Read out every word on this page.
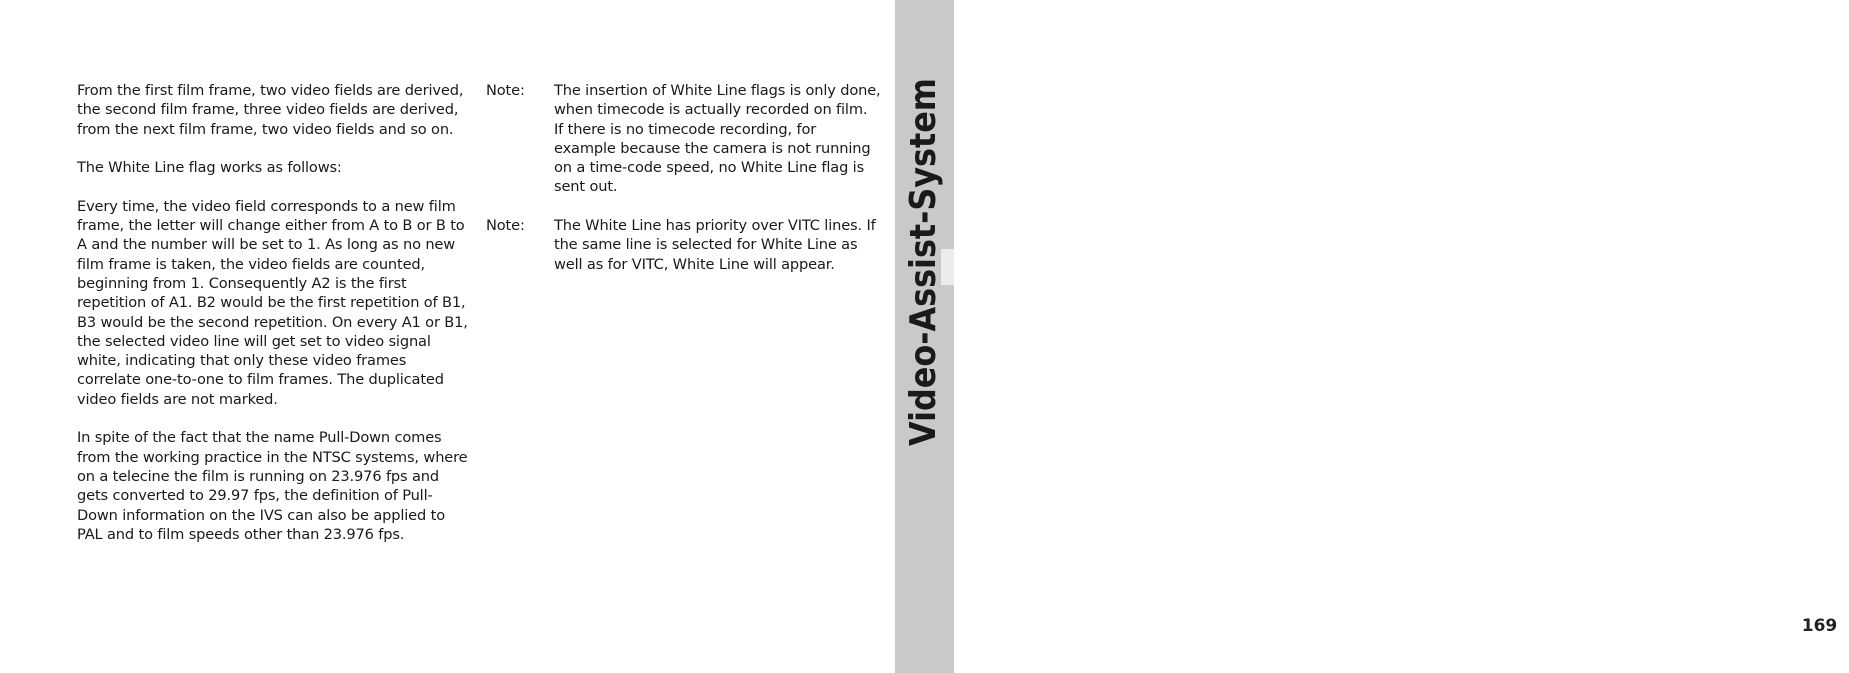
From the first film frame, two video fields are derived, the second film frame, three video fields are derived, from the next film frame, two video fields and so on.

The White Line flag works as follows:

Every time, the video field corresponds to a new film frame, the letter will change either from A to B or B to A and the number will be set to 1. As long as no new film frame is taken, the video fields are counted, beginning from 1. Consequently A2 is the first repetition of A1. B2 would be the first repetition of B1, B3 would be the second repetition. On every A1 or B1, the selected video line will get set to video signal white, indicating that only these video frames correlate one-to-one to film frames. The duplicated video fields are not marked.

In spite of the fact that the name Pull-Down comes from the working practice in the NTSC systems, where on a telecine the film is running on 23.976 fps and gets converted to 29.97 fps, the definition of Pull-Down information on the IVS can also be applied to PAL and to film speeds other than 23.976 fps.

Note:	The insertion of White Line flags is only done, when timecode is actually recorded on film. If there is no timecode recording, for example because the camera is not running on a time-code speed, no White Line flag is sent out.
Note:	The White Line has priority over VITC lines. If the same line is selected for White Line as well as for VITC, White Line will appear.	Video-Assist-System
169
